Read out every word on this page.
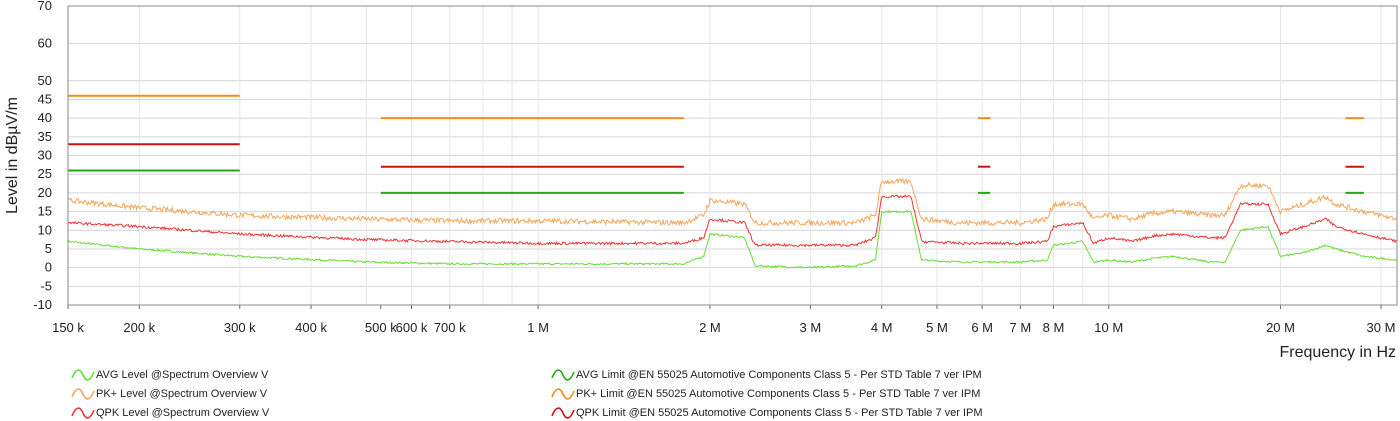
-10
-5
0
5
10
15
20
25
30
35
40
45
50
60
70
150 k	200 k	300 k	400 k	500 k
600 k 700 k	1 M	2 M	3 M	4 M	5 M 6 M 7 M 8 M 10 M	20 M	30 M
Level in dBµV/m
Frequency in Hz
AVG Level @Spectrum Overview V
PK+ Level @Spectrum Overview V
QPK Level @Spectrum Overview V
AVG Limit @EN 55025 Automotive Components Class 5 - Per STD Table 7 ver IPM
PK+ Limit @EN 55025 Automotive Components Class 5 - Per STD Table 7 ver IPM
QPK Limit @EN 55025 Automotive Components Class 5 - Per STD Table 7 ver IPM
